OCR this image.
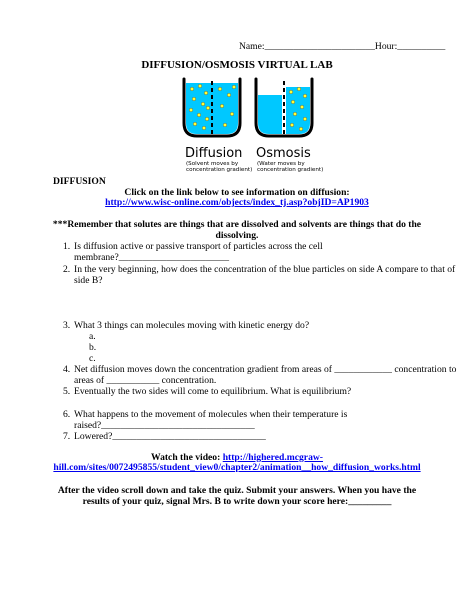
Name:_______________________Hour:__________
DIFFUSION/OSMOSIS VIRTUAL LAB
Diffusion
(Solvent moves by
concentration gradient)
Osmosis
(Water moves by
concentration gradient)
DIFFUSION
Click on the link below to see information on diffusion:
http://www.wisc-online.com/objects/index_tj.asp?objID=AP1903
***Remember that solutes are things that are dissolved and solvents are things that do the
dissolving.
1. Is diffusion active or passive transport of particles across the cell
membrane?_______________________
2. In the very beginning, how does the concentration of the blue particles on side A compare to that of
side B?
3. What 3 things can molecules moving with kinetic energy do?
a.
b.
c.
4. Net diffusion moves down the concentration gradient from areas of ____________ concentration to
areas of ___________ concentration.
5. Eventually the two sides will come to equilibrium. What is equilibrium?
6. What happens to the movement of molecules when their temperature is
raised?________________________________
7. Lowered?________________________________
Watch the video: http://highered.mcgraw-
hill.com/sites/0072495855/student_view0/chapter2/animation__how_diffusion_works.html
After the video scroll down and take the quiz. Submit your answers. When you have the
results of your quiz, signal Mrs. B to write down your score here:_________
